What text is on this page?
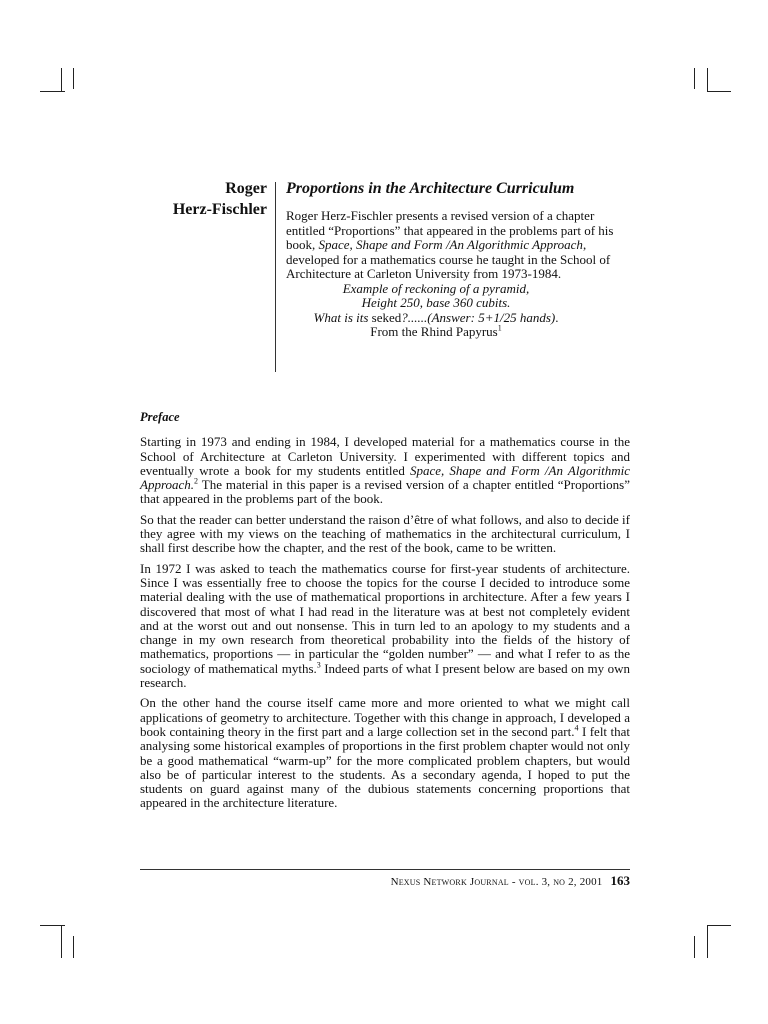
Roger
Herz-Fischler

Proportions in the Architecture Curriculum

Roger Herz-Fischler presents a revised version of a chapter entitled “Proportions” that appeared in the problems part of his book, Space, Shape and Form /An Algorithmic Approach, developed for a mathematics course he taught in the School of Architecture at Carleton University from 1973-1984.

Example of reckoning of a pyramid,
Height 250, base 360 cubits.
What is its seked?......(Answer: 5+1/25 hands).
From the Rhind Papyrus$^1$

Preface

Starting in 1973 and ending in 1984, I developed material for a mathematics course in the School of Architecture at Carleton University. I experimented with different topics and eventually wrote a book for my students entitled Space, Shape and Form /An Algorithmic Approach.$^2$ The material in this paper is a revised version of a chapter entitled “Proportions” that appeared in the problems part of the book.

So that the reader can better understand the raison d’être of what follows, and also to decide if they agree with my views on the teaching of mathematics in the architectural curriculum, I shall first describe how the chapter, and the rest of the book, came to be written.

In 1972 I was asked to teach the mathematics course for first-year students of architecture. Since I was essentially free to choose the topics for the course I decided to introduce some material dealing with the use of mathematical proportions in architecture. After a few years I discovered that most of what I had read in the literature was at best not completely evident and at the worst out and out nonsense. This in turn led to an apology to my students and a change in my own research from theoretical probability into the fields of the history of mathematics, proportions — in particular the “golden number” — and what I refer to as the sociology of mathematical myths.$^3$ Indeed parts of what I present below are based on my own research.

On the other hand the course itself came more and more oriented to what we might call applications of geometry to architecture. Together with this change in approach, I developed a book containing theory in the first part and a large collection set in the second part.$^4$ I felt that analysing some historical examples of proportions in the first problem chapter would not only be a good mathematical “warm-up” for the more complicated problem chapters, but would also be of particular interest to the students. As a secondary agenda, I hoped to put the students on guard against many of the dubious statements concerning proportions that appeared in the architecture literature.

Nexus Network Journal - vol. 3, no 2, 2001 163
